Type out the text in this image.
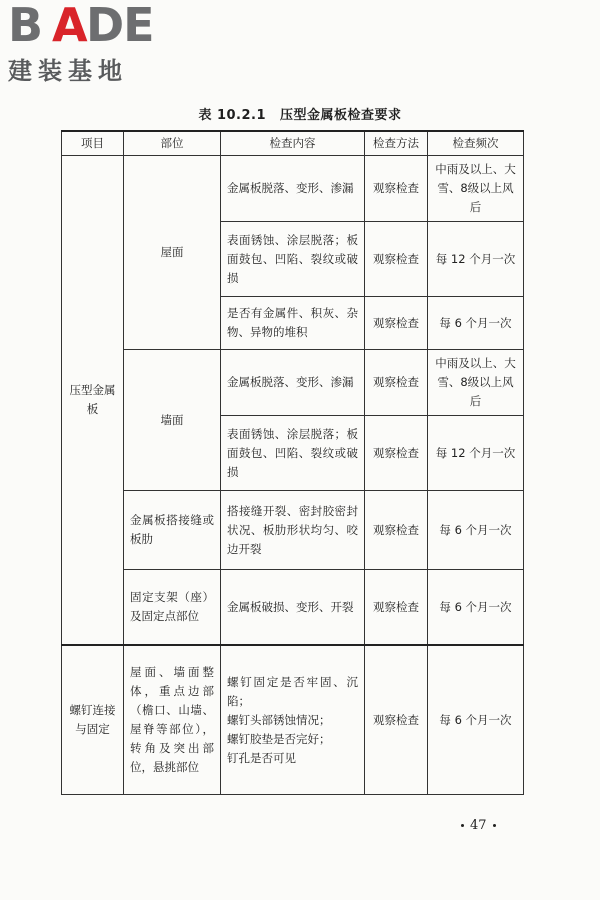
B A DE
建装基地
表 10.2.1 压型金属板检查要求
项目	部位	检查内容	检查方法	检查频次
压型金属板	屋面	金属板脱落、变形、渗漏	观察检查	中雨及以上、大雪、8级以上风后
		表面锈蚀、涂层脱落；板面鼓包、凹陷、裂纹或破损	观察检查	每 12 个月一次
		是否有金属件、积灰、杂物、异物的堆积	观察检查	每 6 个月一次
	墙面	金属板脱落、变形、渗漏	观察检查	中雨及以上、大雪、8级以上风后
		表面锈蚀、涂层脱落；板面鼓包、凹陷、裂纹或破损	观察检查	每 12 个月一次
	金属板搭接缝或板肋	搭接缝开裂、密封胶密封状况、板肋形状均匀、咬边开裂	观察检查	每 6 个月一次
	固定支架（座）及固定点部位	金属板破损、变形、开裂	观察检查	每 6 个月一次
螺钉连接与固定	屋面、墙面整体，重点边部（檐口、山墙、屋脊等部位），转角及突出部位，悬挑部位	螺钉固定是否牢固、沉陷；
螺钉头部锈蚀情况；
螺钉胶垫是否完好；
钉孔是否可见	观察检查	每 6 个月一次
47
